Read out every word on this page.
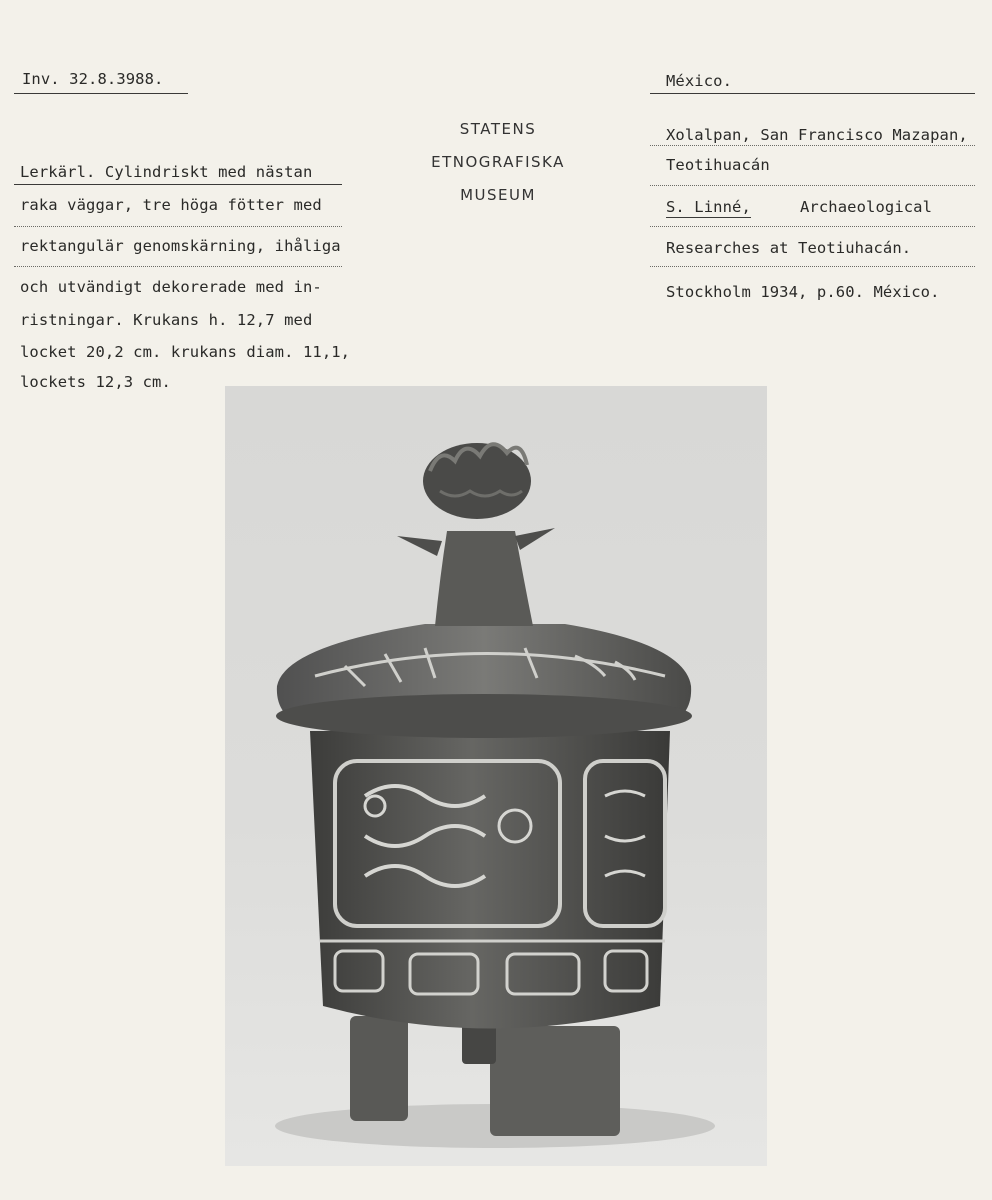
Inv. 32.8.3988.
STATENS
ETNOGRAFISKA
MUSEUM
Lerkärl. Cylindriskt med nästan
raka väggar, tre höga fötter med
rektangulär genomskärning, ihåliga
och utvändigt dekorerade med in-
ristningar. Krukans h. 12,7 med
locket 20,2 cm. krukans diam. 11,1,
lockets 12,3 cm.
México.
Xolalpan, San Francisco Mazapan,
Teotihuacán
S. Linné,	Archaeological
Researches at Teotiuhacán.
Stockholm 1934, p.60. México.
